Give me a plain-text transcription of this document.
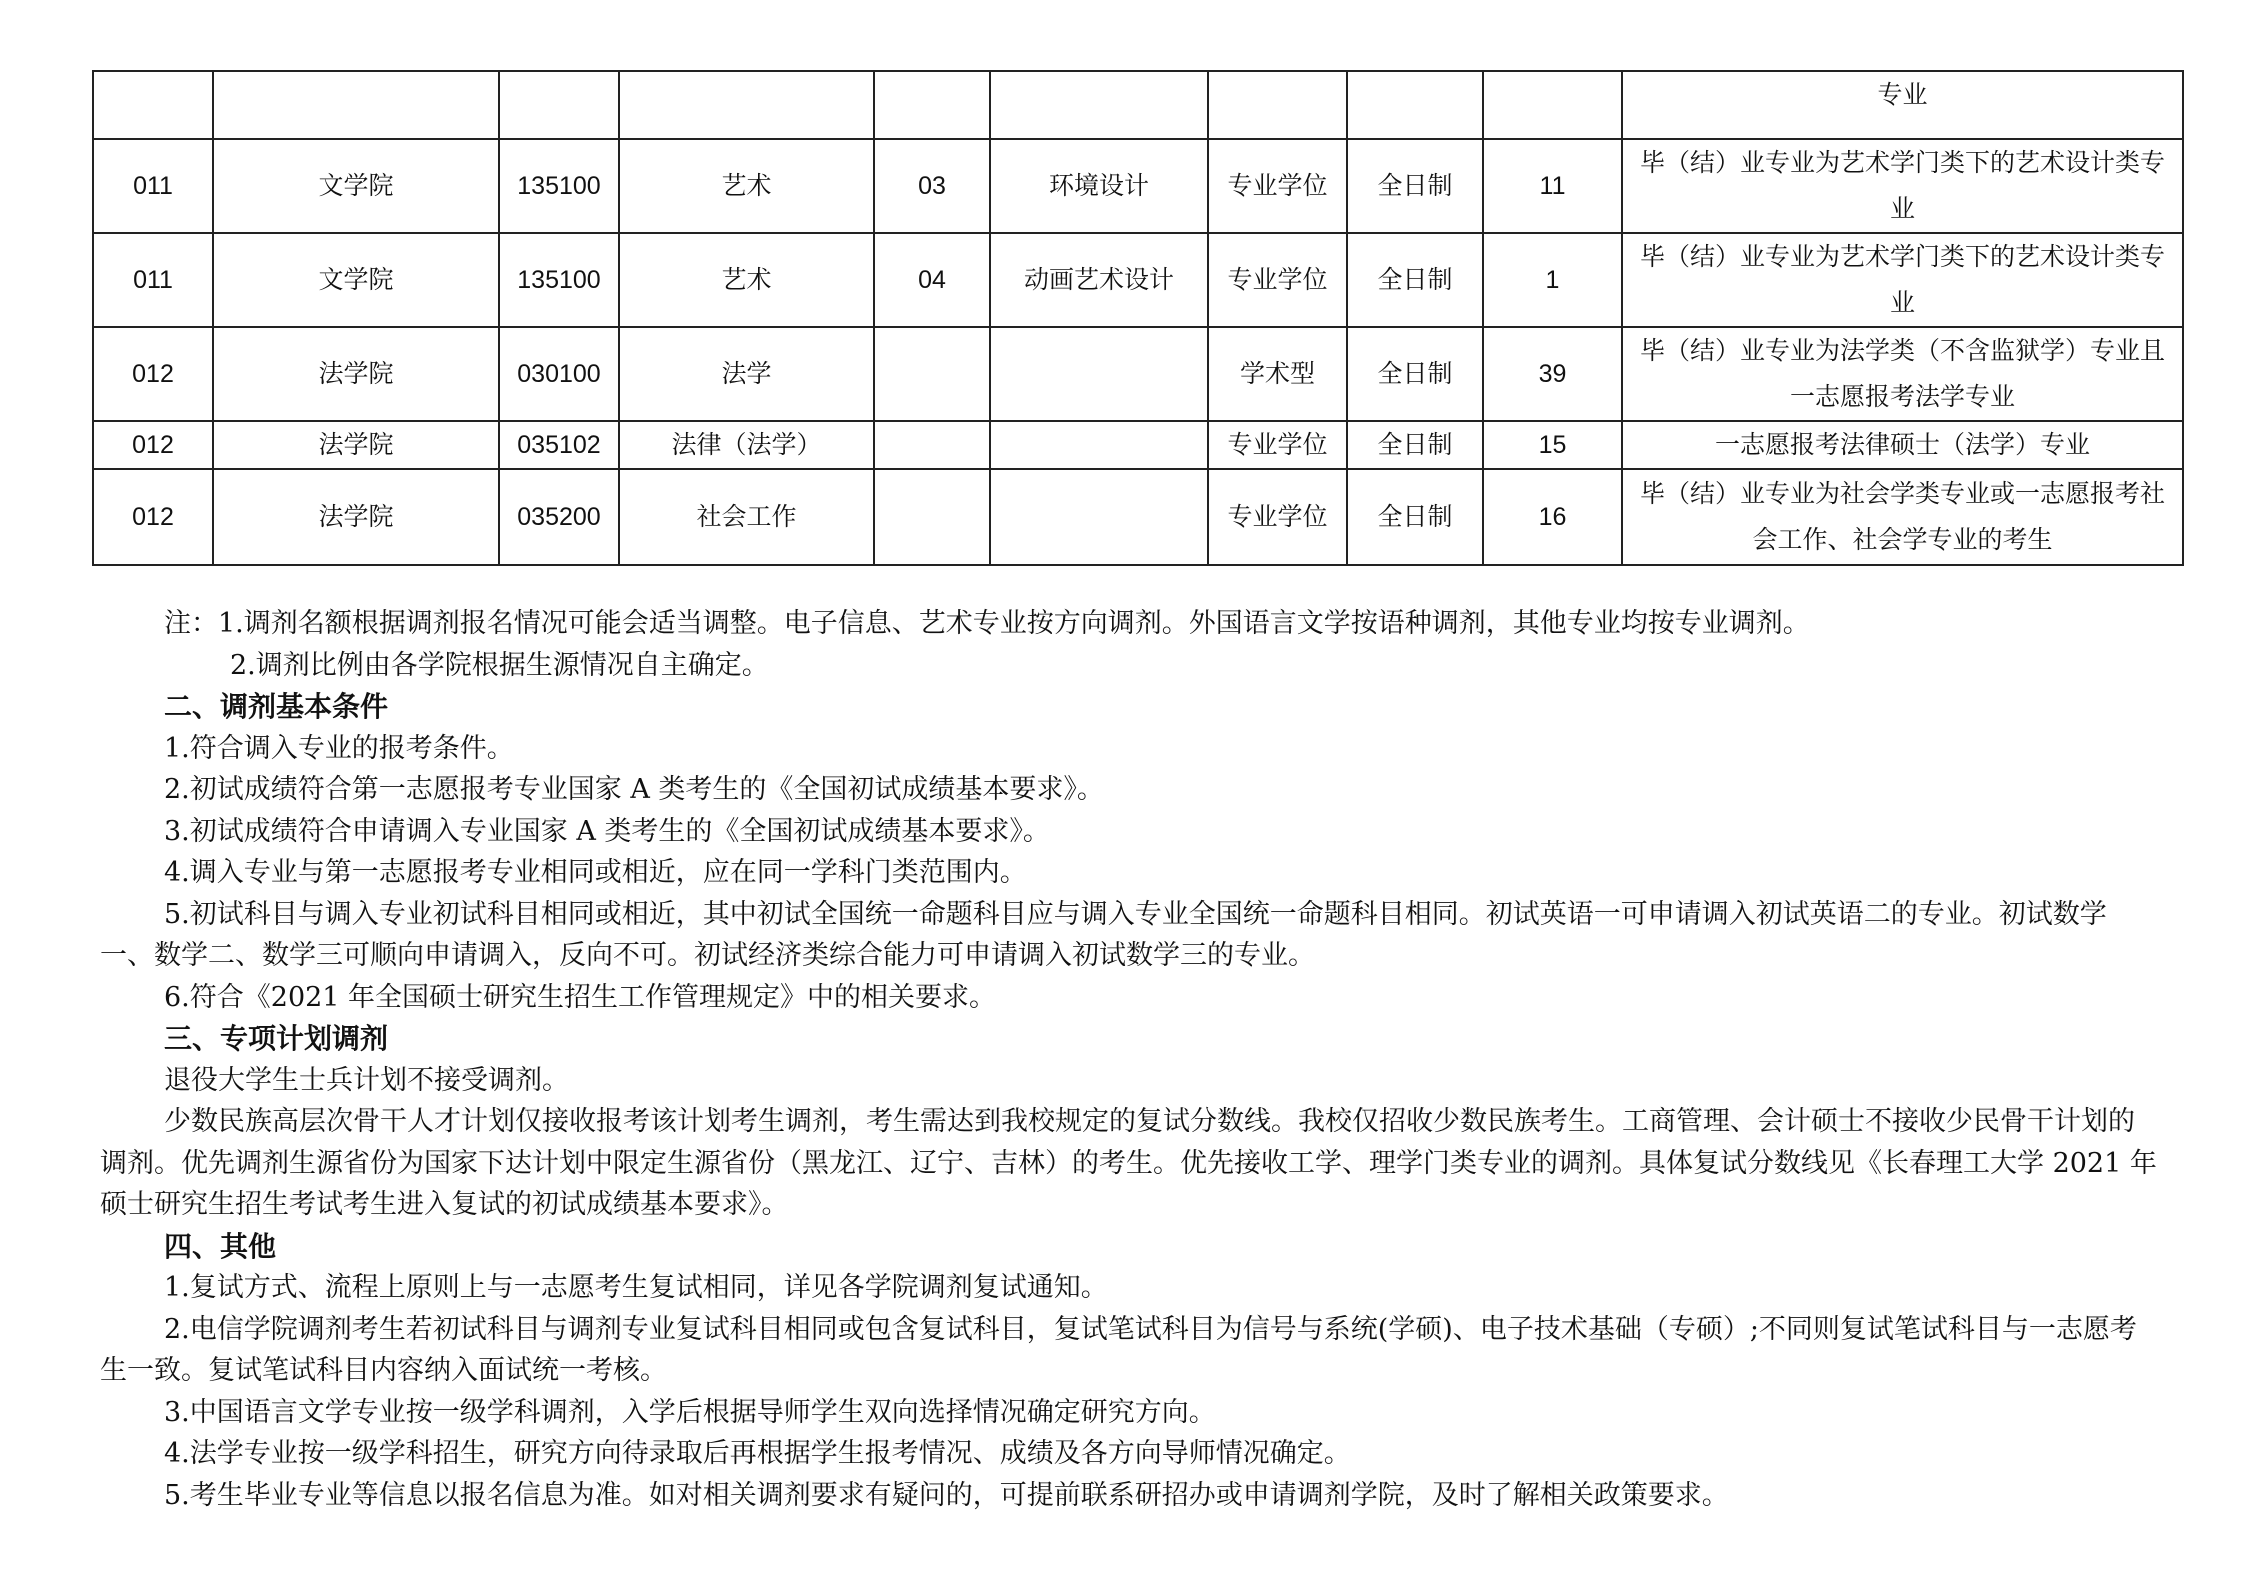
									专业
011	文学院	135100	艺术	03	环境设计	专业学位	全日制	11	毕（结）业专业为艺术学门类下的艺术设计类专业
011	文学院	135100	艺术	04	动画艺术设计	专业学位	全日制	1	毕（结）业专业为艺术学门类下的艺术设计类专业
012	法学院	030100	法学			学术型	全日制	39	毕（结）业专业为法学类（不含监狱学）专业且一志愿报考法学专业
012	法学院	035102	法律（法学）			专业学位	全日制	15	一志愿报考法律硕士（法学）专业
012	法学院	035200	社会工作			专业学位	全日制	16	毕（结）业专业为社会学类专业或一志愿报考社会工作、社会学专业的考生

注：1.调剂名额根据调剂报名情况可能会适当调整。电子信息、艺术专业按方向调剂。外国语言文学按语种调剂，其他专业均按专业调剂。

2.调剂比例由各学院根据生源情况自主确定。

二、调剂基本条件

1.符合调入专业的报考条件。

2.初试成绩符合第一志愿报考专业国家 A 类考生的《全国初试成绩基本要求》。

3.初试成绩符合申请调入专业国家 A 类考生的《全国初试成绩基本要求》。

4.调入专业与第一志愿报考专业相同或相近，应在同一学科门类范围内。

5.初试科目与调入专业初试科目相同或相近，其中初试全国统一命题科目应与调入专业全国统一命题科目相同。初试英语一可申请调入初试英语二的专业。初试数学一、数学二、数学三可顺向申请调入，反向不可。初试经济类综合能力可申请调入初试数学三的专业。

6.符合《2021 年全国硕士研究生招生工作管理规定》中的相关要求。

三、专项计划调剂

退役大学生士兵计划不接受调剂。

少数民族高层次骨干人才计划仅接收报考该计划考生调剂，考生需达到我校规定的复试分数线。我校仅招收少数民族考生。工商管理、会计硕士不接收少民骨干计划的调剂。优先调剂生源省份为国家下达计划中限定生源省份（黑龙江、辽宁、吉林）的考生。优先接收工学、理学门类专业的调剂。具体复试分数线见《长春理工大学 2021 年硕士研究生招生考试考生进入复试的初试成绩基本要求》。

四、其他

1.复试方式、流程上原则上与一志愿考生复试相同，详见各学院调剂复试通知。

2.电信学院调剂考生若初试科目与调剂专业复试科目相同或包含复试科目，复试笔试科目为信号与系统(学硕)、电子技术基础（专硕）;不同则复试笔试科目与一志愿考生一致。复试笔试科目内容纳入面试统一考核。

3.中国语言文学专业按一级学科调剂，入学后根据导师学生双向选择情况确定研究方向。

4.法学专业按一级学科招生，研究方向待录取后再根据学生报考情况、成绩及各方向导师情况确定。

5.考生毕业专业等信息以报名信息为准。如对相关调剂要求有疑问的，可提前联系研招办或申请调剂学院，及时了解相关政策要求。
